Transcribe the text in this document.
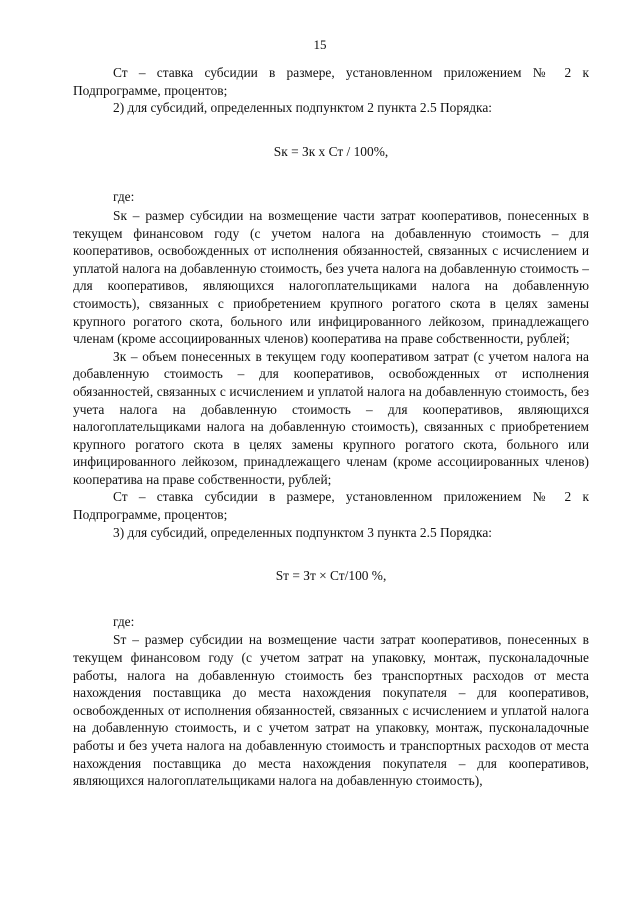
15

Ст – ставка субсидии в размере, установленном приложением № 2 к Подпрограмме, процентов;

2) для субсидий, определенных подпунктом 2 пункта 2.5 Порядка:

Sк = Зк х Ст / 100%,

где:

Sк – размер субсидии на возмещение части затрат кооперативов, понесенных в текущем финансовом году (с учетом налога на добавленную стоимость – для кооперативов, освобожденных от исполнения обязанностей, связанных с исчислением и уплатой налога на добавленную стоимость, без учета налога на добавленную стоимость – для кооперативов, являющихся налогоплательщиками налога на добавленную стоимость), связанных с приобретением крупного рогатого скота в целях замены крупного рогатого скота, больного или инфицированного лейкозом, принадлежащего членам (кроме ассоциированных членов) кооператива на праве собственности, рублей;

Зк – объем понесенных в текущем году кооперативом затрат (с учетом налога на добавленную стоимость – для кооперативов, освобожденных от исполнения обязанностей, связанных с исчислением и уплатой налога на добавленную стоимость, без учета налога на добавленную стоимость – для кооперативов, являющихся налогоплательщиками налога на добавленную стоимость), связанных с приобретением крупного рогатого скота в целях замены крупного рогатого скота, больного или инфицированного лейкозом, принадлежащего членам (кроме ассоциированных членов) кооператива на праве собственности, рублей;

Ст – ставка субсидии в размере, установленном приложением № 2 к Подпрограмме, процентов;

3) для субсидий, определенных подпунктом 3 пункта 2.5 Порядка:

Sт = Зт × Ст/100 %,

где:

Sт – размер субсидии на возмещение части затрат кооперативов, понесенных в текущем финансовом году (с учетом затрат на упаковку, монтаж, пусконаладочные работы, налога на добавленную стоимость без транспортных расходов от места нахождения поставщика до места нахождения покупателя – для кооперативов, освобожденных от исполнения обязанностей, связанных с исчислением и уплатой налога на добавленную стоимость, и с учетом затрат на упаковку, монтаж, пусконаладочные работы и без учета налога на добавленную стоимость и транспортных расходов от места нахождения поставщика до места нахождения покупателя – для кооперативов, являющихся налогоплательщиками налога на добавленную стоимость),
